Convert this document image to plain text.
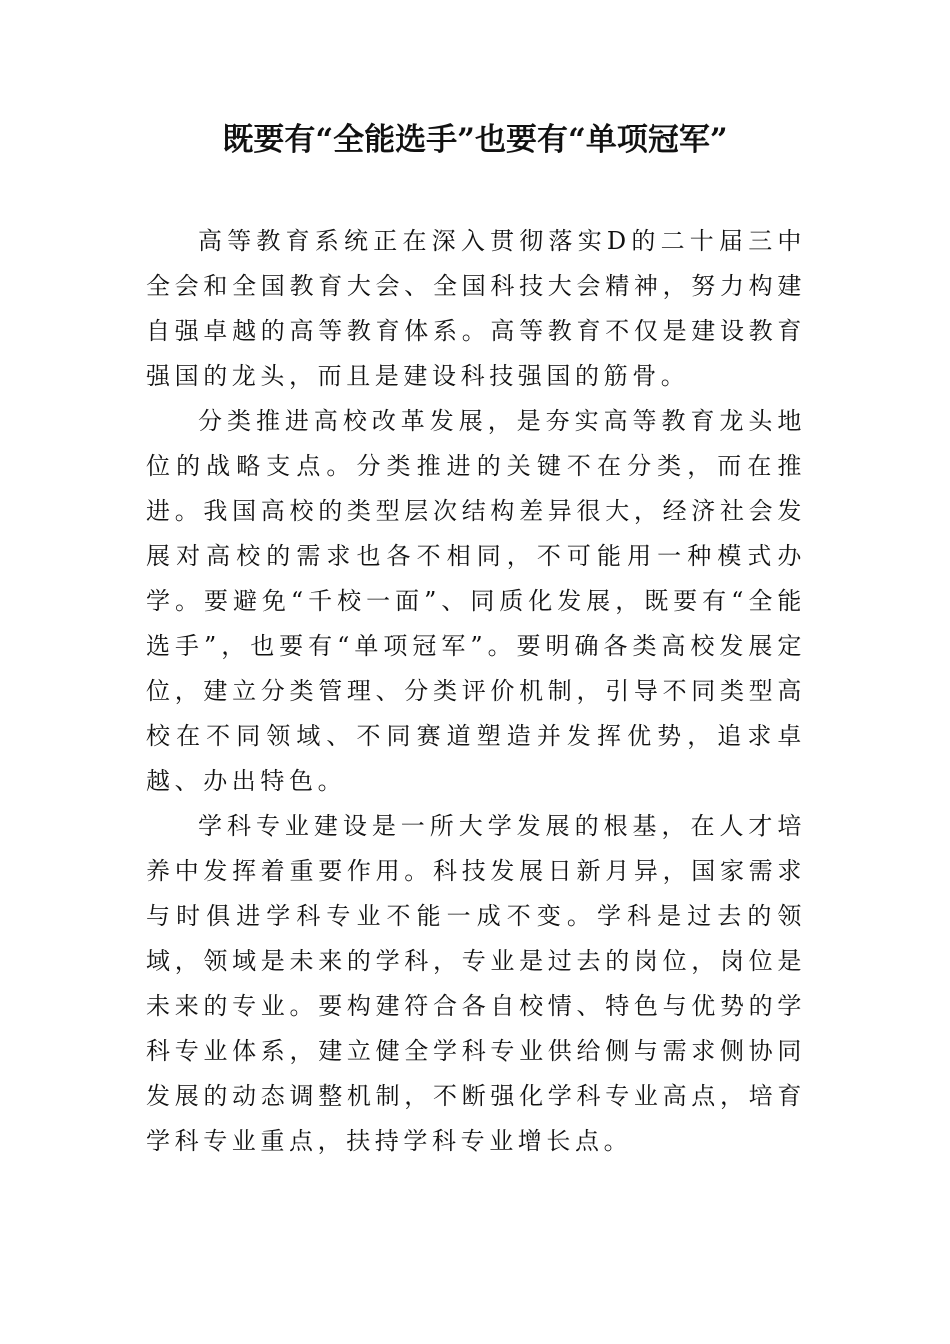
既要有“全能选手”也要有“单项冠军”

高等教育系统正在深入贯彻落实D的二十届三中全会和全国教育大会、全国科技大会精神，努力构建自强卓越的高等教育体系。高等教育不仅是建设教育强国的龙头，而且是建设科技强国的筋骨。

分类推进高校改革发展，是夯实高等教育龙头地位的战略支点。分类推进的关键不在分类，而在推进。我国高校的类型层次结构差异很大，经济社会发展对高校的需求也各不相同，不可能用一种模式办学。要避免“千校一面”、同质化发展，既要有“全能选手”，也要有“单项冠军”。要明确各类高校发展定位，建立分类管理、分类评价机制，引导不同类型高校在不同领域、不同赛道塑造并发挥优势，追求卓越、办出特色。

学科专业建设是一所大学发展的根基，在人才培养中发挥着重要作用。科技发展日新月异，国家需求与时俱进学科专业不能一成不变。学科是过去的领域，领域是未来的学科，专业是过去的岗位，岗位是未来的专业。要构建符合各自校情、特色与优势的学科专业体系，建立健全学科专业供给侧与需求侧协同发展的动态调整机制，不断强化学科专业高点，培育学科专业重点，扶持学科专业增长点。
